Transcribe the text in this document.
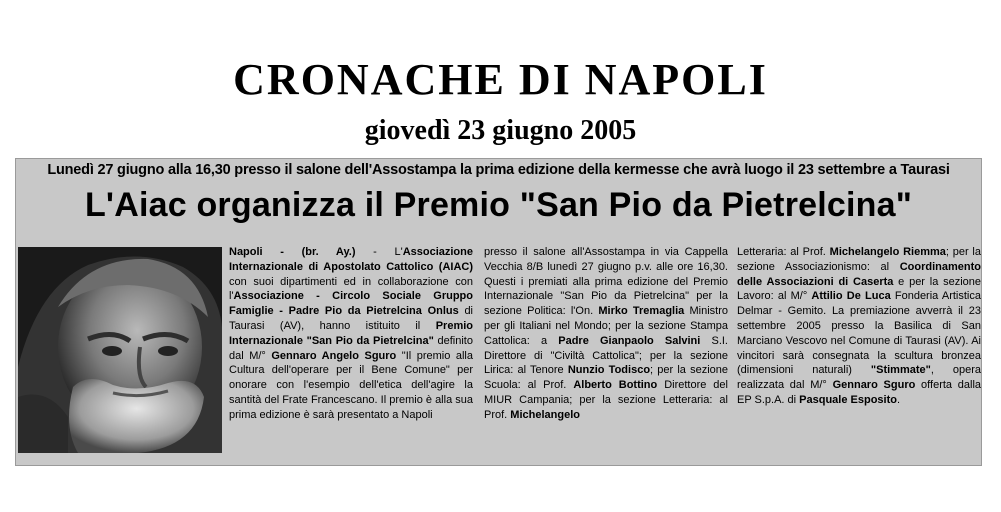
CRONACHE DI NAPOLI
giovedì 23 giugno 2005
Lunedì 27 giugno alla 16,30 presso il salone dell'Assostampa la prima edizione della kermesse che avrà luogo il 23 settembre a Taurasi
L'Aiac organizza il Premio "San Pio da Pietrelcina"

Napoli - (br. Ay.) - L'Associazione Internazionale di Apostolato Cattolico (AIAC) con suoi dipartimenti ed in collaborazione con l'Associazione - Circolo Sociale Gruppo Famiglie - Padre Pio da Pietrelcina Onlus di Taurasi (AV), hanno istituito il Premio Internazionale "San Pio da Pietrelcina" definito dal M/° Gennaro Angelo Sguro "Il premio alla Cultura dell'operare per il Bene Comune" per onorare con l'esempio dell'etica dell'agire la santità del Frate Francescano. Il premio è alla sua prima edizione è sarà presentato a Napoli

presso il salone all'Assostampa in via Cappella Vecchia 8/B lunedì 27 giugno p.v. alle ore 16,30. Questi i premiati alla prima edizione del Premio Internazionale "San Pio da Pietrelcina" per la sezione Politica: l'On. Mirko Tremaglia Ministro per gli Italiani nel Mondo; per la sezione Stampa Cattolica: a Padre Gianpaolo Salvini S.I. Direttore di "Civiltà Cattolica"; per la sezione Lirica: al Tenore Nunzio Todisco; per la sezione Scuola: al Prof. Alberto Bottino Direttore del MIUR Campania; per la sezione Letteraria: al Prof. Michelangelo

Letteraria: al Prof. Michelangelo Riemma; per la sezione Associazionismo: al Coordinamento delle Associazioni di Caserta e per la sezione Lavoro: al M/° Attilio De Luca Fonderia Artistica Delmar - Gemito. La premiazione avverrà il 23 settembre 2005 presso la Basilica di San Marciano Vescovo nel Comune di Taurasi (AV). Ai vincitori sarà consegnata la scultura bronzea (dimensioni naturali) "Stimmate", opera realizzata dal M/° Gennaro Sguro offerta dalla EP S.p.A. di Pasquale Esposito.
